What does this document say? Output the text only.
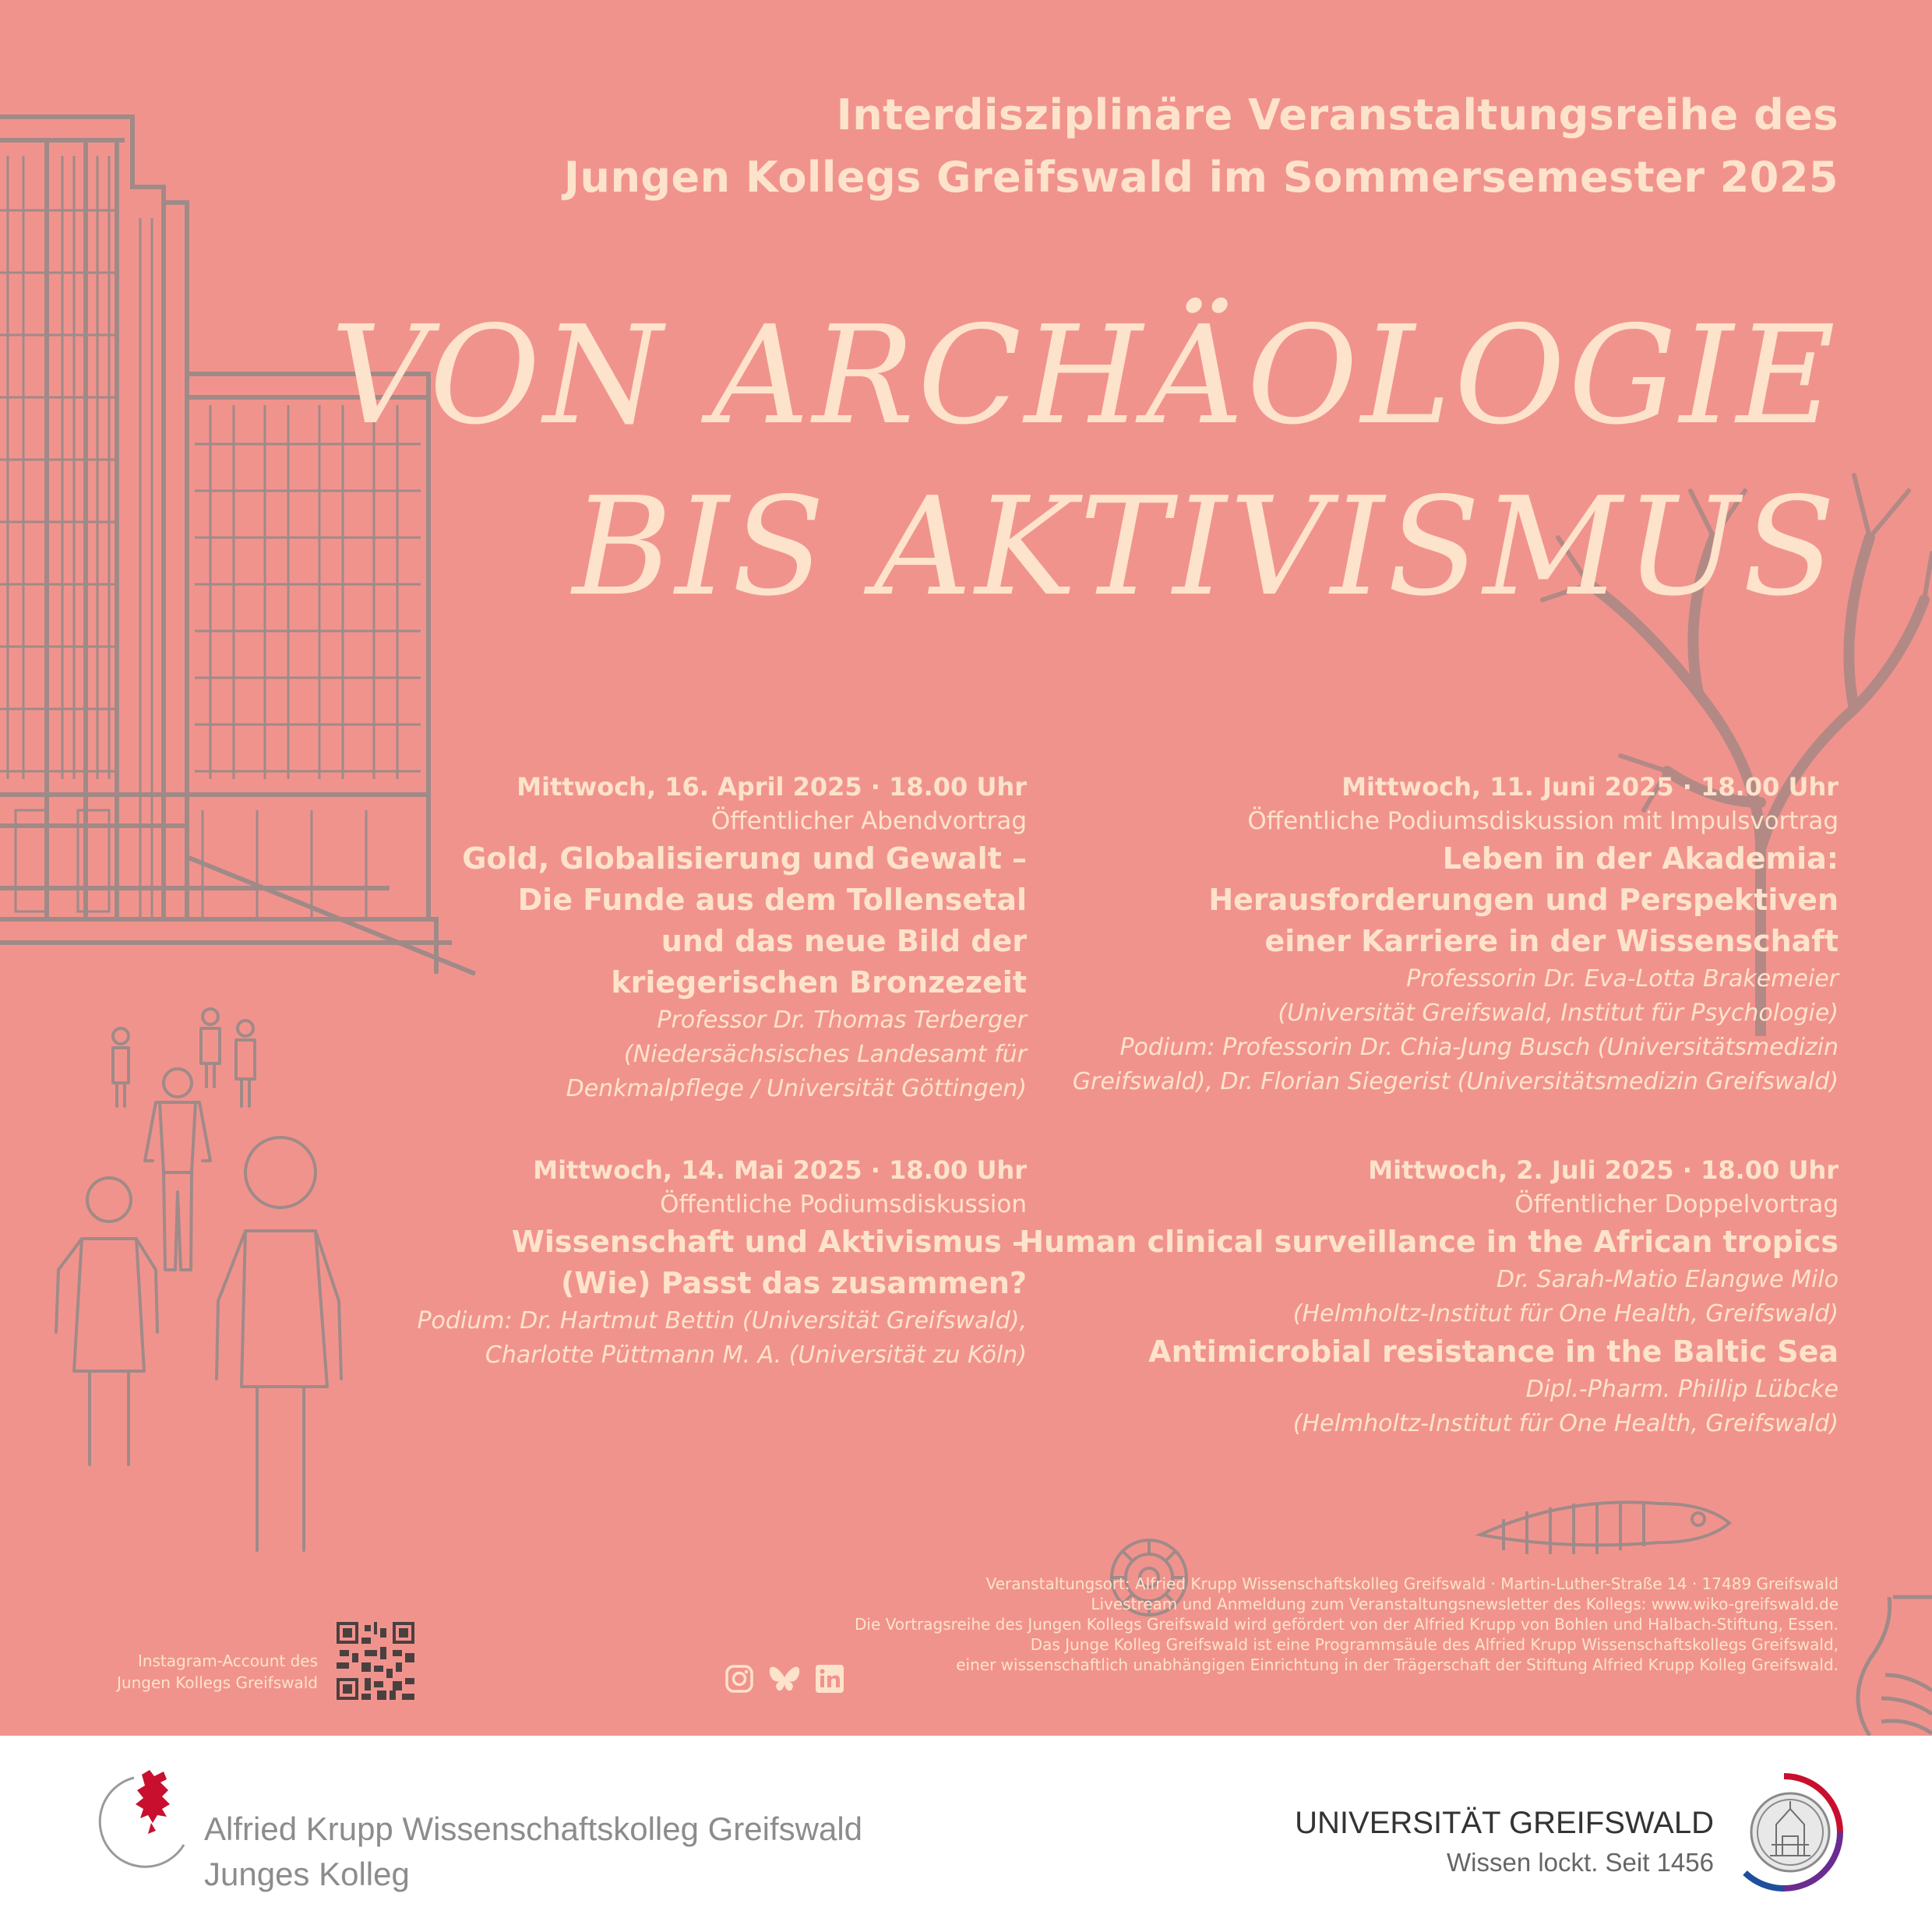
Interdisziplinäre Veranstaltungsreihe des
Jungen Kollegs Greifswald im Sommersemester 2025
VON ARCHÄOLOGIE
BIS AKTIVISMUS
Mittwoch, 16. April 2025 · 18.00 Uhr
Öffentlicher Abendvortrag
Gold, Globalisierung und Gewalt –
Die Funde aus dem Tollensetal
und das neue Bild der
kriegerischen Bronzezeit
Professor Dr. Thomas Terberger
(Niedersächsisches Landesamt für
Denkmalpflege / Universität Göttingen)
Mittwoch, 14. Mai 2025 · 18.00 Uhr
Öffentliche Podiumsdiskussion
Wissenschaft und Aktivismus –
(Wie) Passt das zusammen?
Podium: Dr. Hartmut Bettin (Universität Greifswald),
Charlotte Püttmann M. A. (Universität zu Köln)
Mittwoch, 11. Juni 2025 · 18.00 Uhr
Öffentliche Podiumsdiskussion mit Impulsvortrag
Leben in der Akademia:
Herausforderungen und Perspektiven
einer Karriere in der Wissenschaft
Professorin Dr. Eva-Lotta Brakemeier
(Universität Greifswald, Institut für Psychologie)
Podium: Professorin Dr. Chia-Jung Busch (Universitätsmedizin
Greifswald), Dr. Florian Siegerist (Universitätsmedizin Greifswald)
Mittwoch, 2. Juli 2025 · 18.00 Uhr
Öffentlicher Doppelvortrag
Human clinical surveillance in the African tropics
Dr. Sarah-Matio Elangwe Milo
(Helmholtz-Institut für One Health, Greifswald)
Antimicrobial resistance in the Baltic Sea
Dipl.-Pharm. Phillip Lübcke
(Helmholtz-Institut für One Health, Greifswald)
Veranstaltungsort: Alfried Krupp Wissenschaftskolleg Greifswald · Martin-Luther-Straße 14 · 17489 Greifswald
Livestream und Anmeldung zum Veranstaltungsnewsletter des Kollegs: www.wiko-greifswald.de
Die Vortragsreihe des Jungen Kollegs Greifswald wird gefördert von der Alfried Krupp von Bohlen und Halbach-Stiftung, Essen.
Das Junge Kolleg Greifswald ist eine Programmsäule des Alfried Krupp Wissenschaftskollegs Greifswald,
einer wissenschaftlich unabhängigen Einrichtung in der Trägerschaft der Stiftung Alfried Krupp Kolleg Greifswald.
Instagram-Account des
Jungen Kollegs Greifswald
Alfried Krupp Wissenschaftskolleg Greifswald
Junges Kolleg
UNIVERSITÄT GREIFSWALD
Wissen lockt. Seit 1456
